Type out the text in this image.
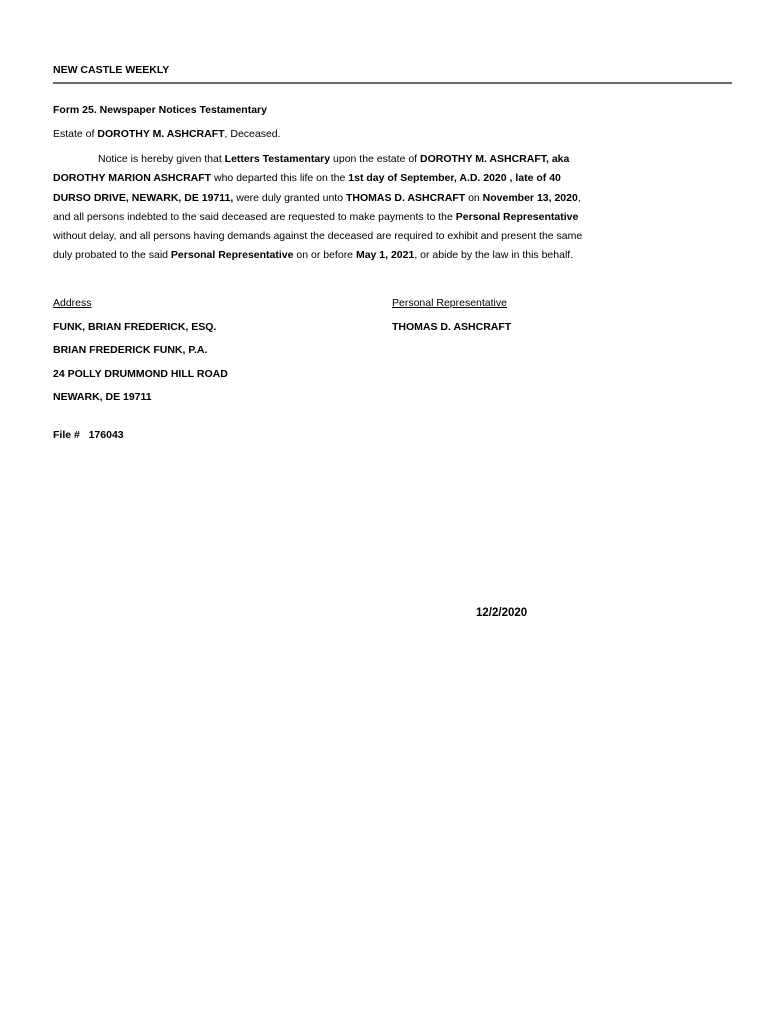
NEW CASTLE WEEKLY
Form 25. Newspaper Notices Testamentary
Estate of DOROTHY M. ASHCRAFT, Deceased.

Notice is hereby given that Letters Testamentary upon the estate of DOROTHY M. ASHCRAFT, aka

DOROTHY MARION ASHCRAFT who departed this life on the 1st day of September, A.D. 2020 , late of 40

DURSO DRIVE, NEWARK, DE 19711, were duly granted unto THOMAS D. ASHCRAFT on November 13, 2020,

and all persons indebted to the said deceased are requested to make payments to the Personal Representative

without delay, and all persons having demands against the deceased are required to exhibit and present the same

duly probated to the said Personal Representative on or before May 1, 2021, or abide by the law in this behalf.

Address	Personal Representative
FUNK, BRIAN FREDERICK, ESQ.
BRIAN FREDERICK FUNK, P.A.
24 POLLY DRUMMOND HILL ROAD
NEWARK, DE 19711
THOMAS D. ASHCRAFT
File #   176043
12/2/2020
